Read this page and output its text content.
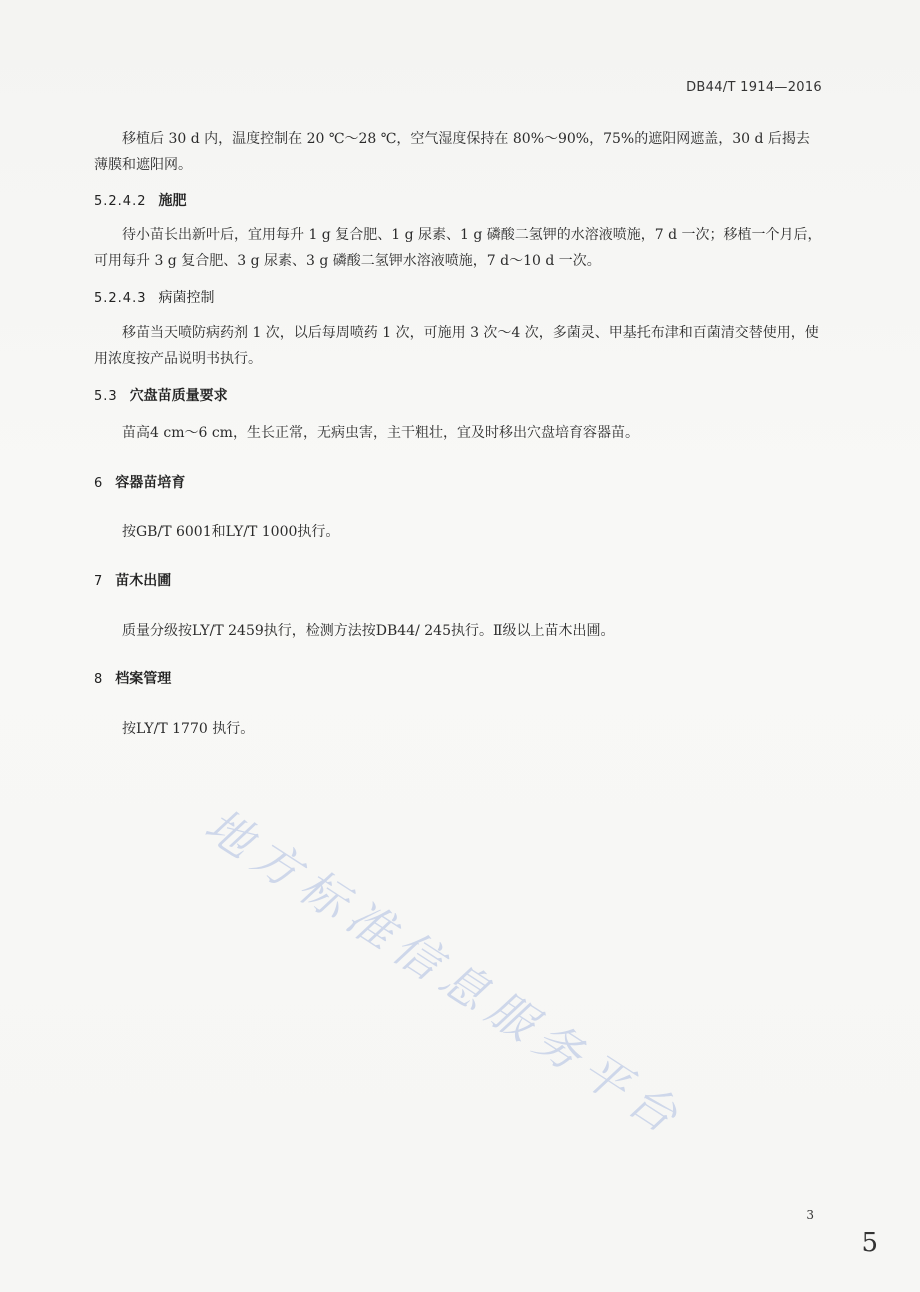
DB44/T 1914—2016

移植后 30 d 内，温度控制在 20 ℃～28 ℃，空气湿度保持在 80%～90%，75%的遮阳网遮盖，30 d 后揭去薄膜和遮阳网。

5.2.4.2 施肥

待小苗长出新叶后，宜用每升 1 g 复合肥、1 g 尿素、1 g 磷酸二氢钾的水溶液喷施，7 d 一次；移植一个月后，可用每升 3 g 复合肥、3 g 尿素、3 g 磷酸二氢钾水溶液喷施，7 d～10 d 一次。

5.2.4.3 病菌控制

移苗当天喷防病药剂 1 次，以后每周喷药 1 次，可施用 3 次～4 次，多菌灵、甲基托布津和百菌清交替使用，使用浓度按产品说明书执行。

5.3 穴盘苗质量要求

苗高4 cm～6 cm，生长正常，无病虫害，主干粗壮，宜及时移出穴盘培育容器苗。

6 容器苗培育

按GB/T 6001和LY/T 1000执行。

7 苗木出圃

质量分级按LY/T 2459执行，检测方法按DB44/ 245执行。Ⅱ级以上苗木出圃。

8 档案管理

按LY/T 1770 执行。

地方标准信息服务平台
3
5
